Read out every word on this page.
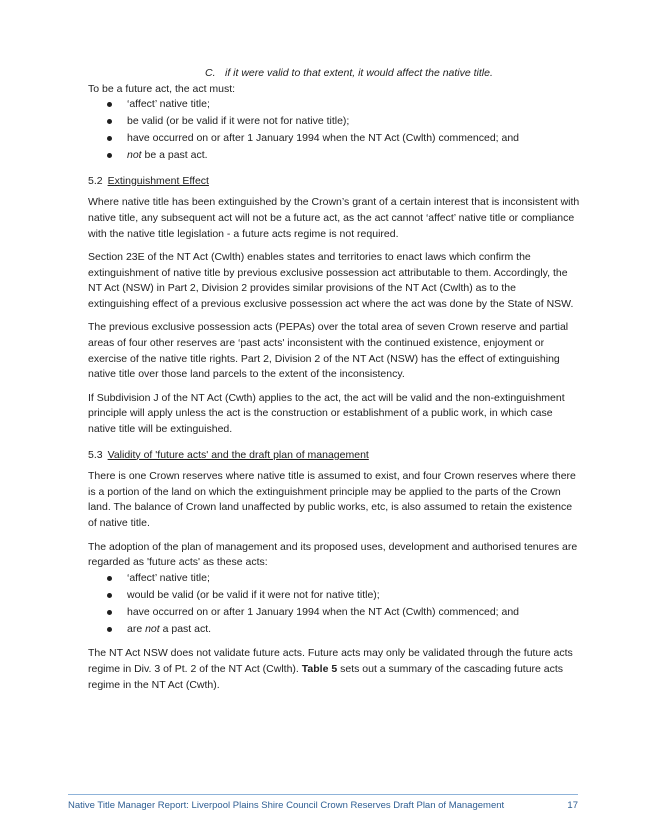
C. if it were valid to that extent, it would affect the native title.

To be a future act, the act must:

‘affect’ native title;
be valid (or be valid if it were not for native title);
have occurred on or after 1 January 1994 when the NT Act (Cwlth) commenced; and
not be a past act.

5.2 Extinguishment Effect

Where native title has been extinguished by the Crown’s grant of a certain interest that is inconsistent with native title, any subsequent act will not be a future act, as the act cannot ‘affect’ native title or compliance with the native title legislation - a future acts regime is not required.

Section 23E of the NT Act (Cwlth) enables states and territories to enact laws which confirm the extinguishment of native title by previous exclusive possession act attributable to them. Accordingly, the NT Act (NSW) in Part 2, Division 2 provides similar provisions of the NT Act (Cwlth) as to the extinguishing effect of a previous exclusive possession act where the act was done by the State of NSW.

The previous exclusive possession acts (PEPAs) over the total area of seven Crown reserve and partial areas of four other reserves are ‘past acts' inconsistent with the continued existence, enjoyment or exercise of the native title rights. Part 2, Division 2 of the NT Act (NSW) has the effect of extinguishing native title over those land parcels to the extent of the inconsistency.

If Subdivision J of the NT Act (Cwth) applies to the act, the act will be valid and the non-extinguishment principle will apply unless the act is the construction or establishment of a public work, in which case native title will be extinguished.

5.3 Validity of 'future acts' and the draft plan of management

There is one Crown reserves where native title is assumed to exist, and four Crown reserves where there is a portion of the land on which the extinguishment principle may be applied to the parts of the Crown land. The balance of Crown land unaffected by public works, etc, is also assumed to retain the existence of native title.

The adoption of the plan of management and its proposed uses, development and authorised tenures are regarded as 'future acts' as these acts:

‘affect’ native title;
would be valid (or be valid if it were not for native title);
have occurred on or after 1 January 1994 when the NT Act (Cwlth) commenced; and
are not a past act.

The NT Act NSW does not validate future acts. Future acts may only be validated through the future acts regime in Div. 3 of Pt. 2 of the NT Act (Cwlth). Table 5 sets out a summary of the cascading future acts regime in the NT Act (Cwth).

Native Title Manager Report: Liverpool Plains Shire Council Crown Reserves Draft Plan of Management	17
